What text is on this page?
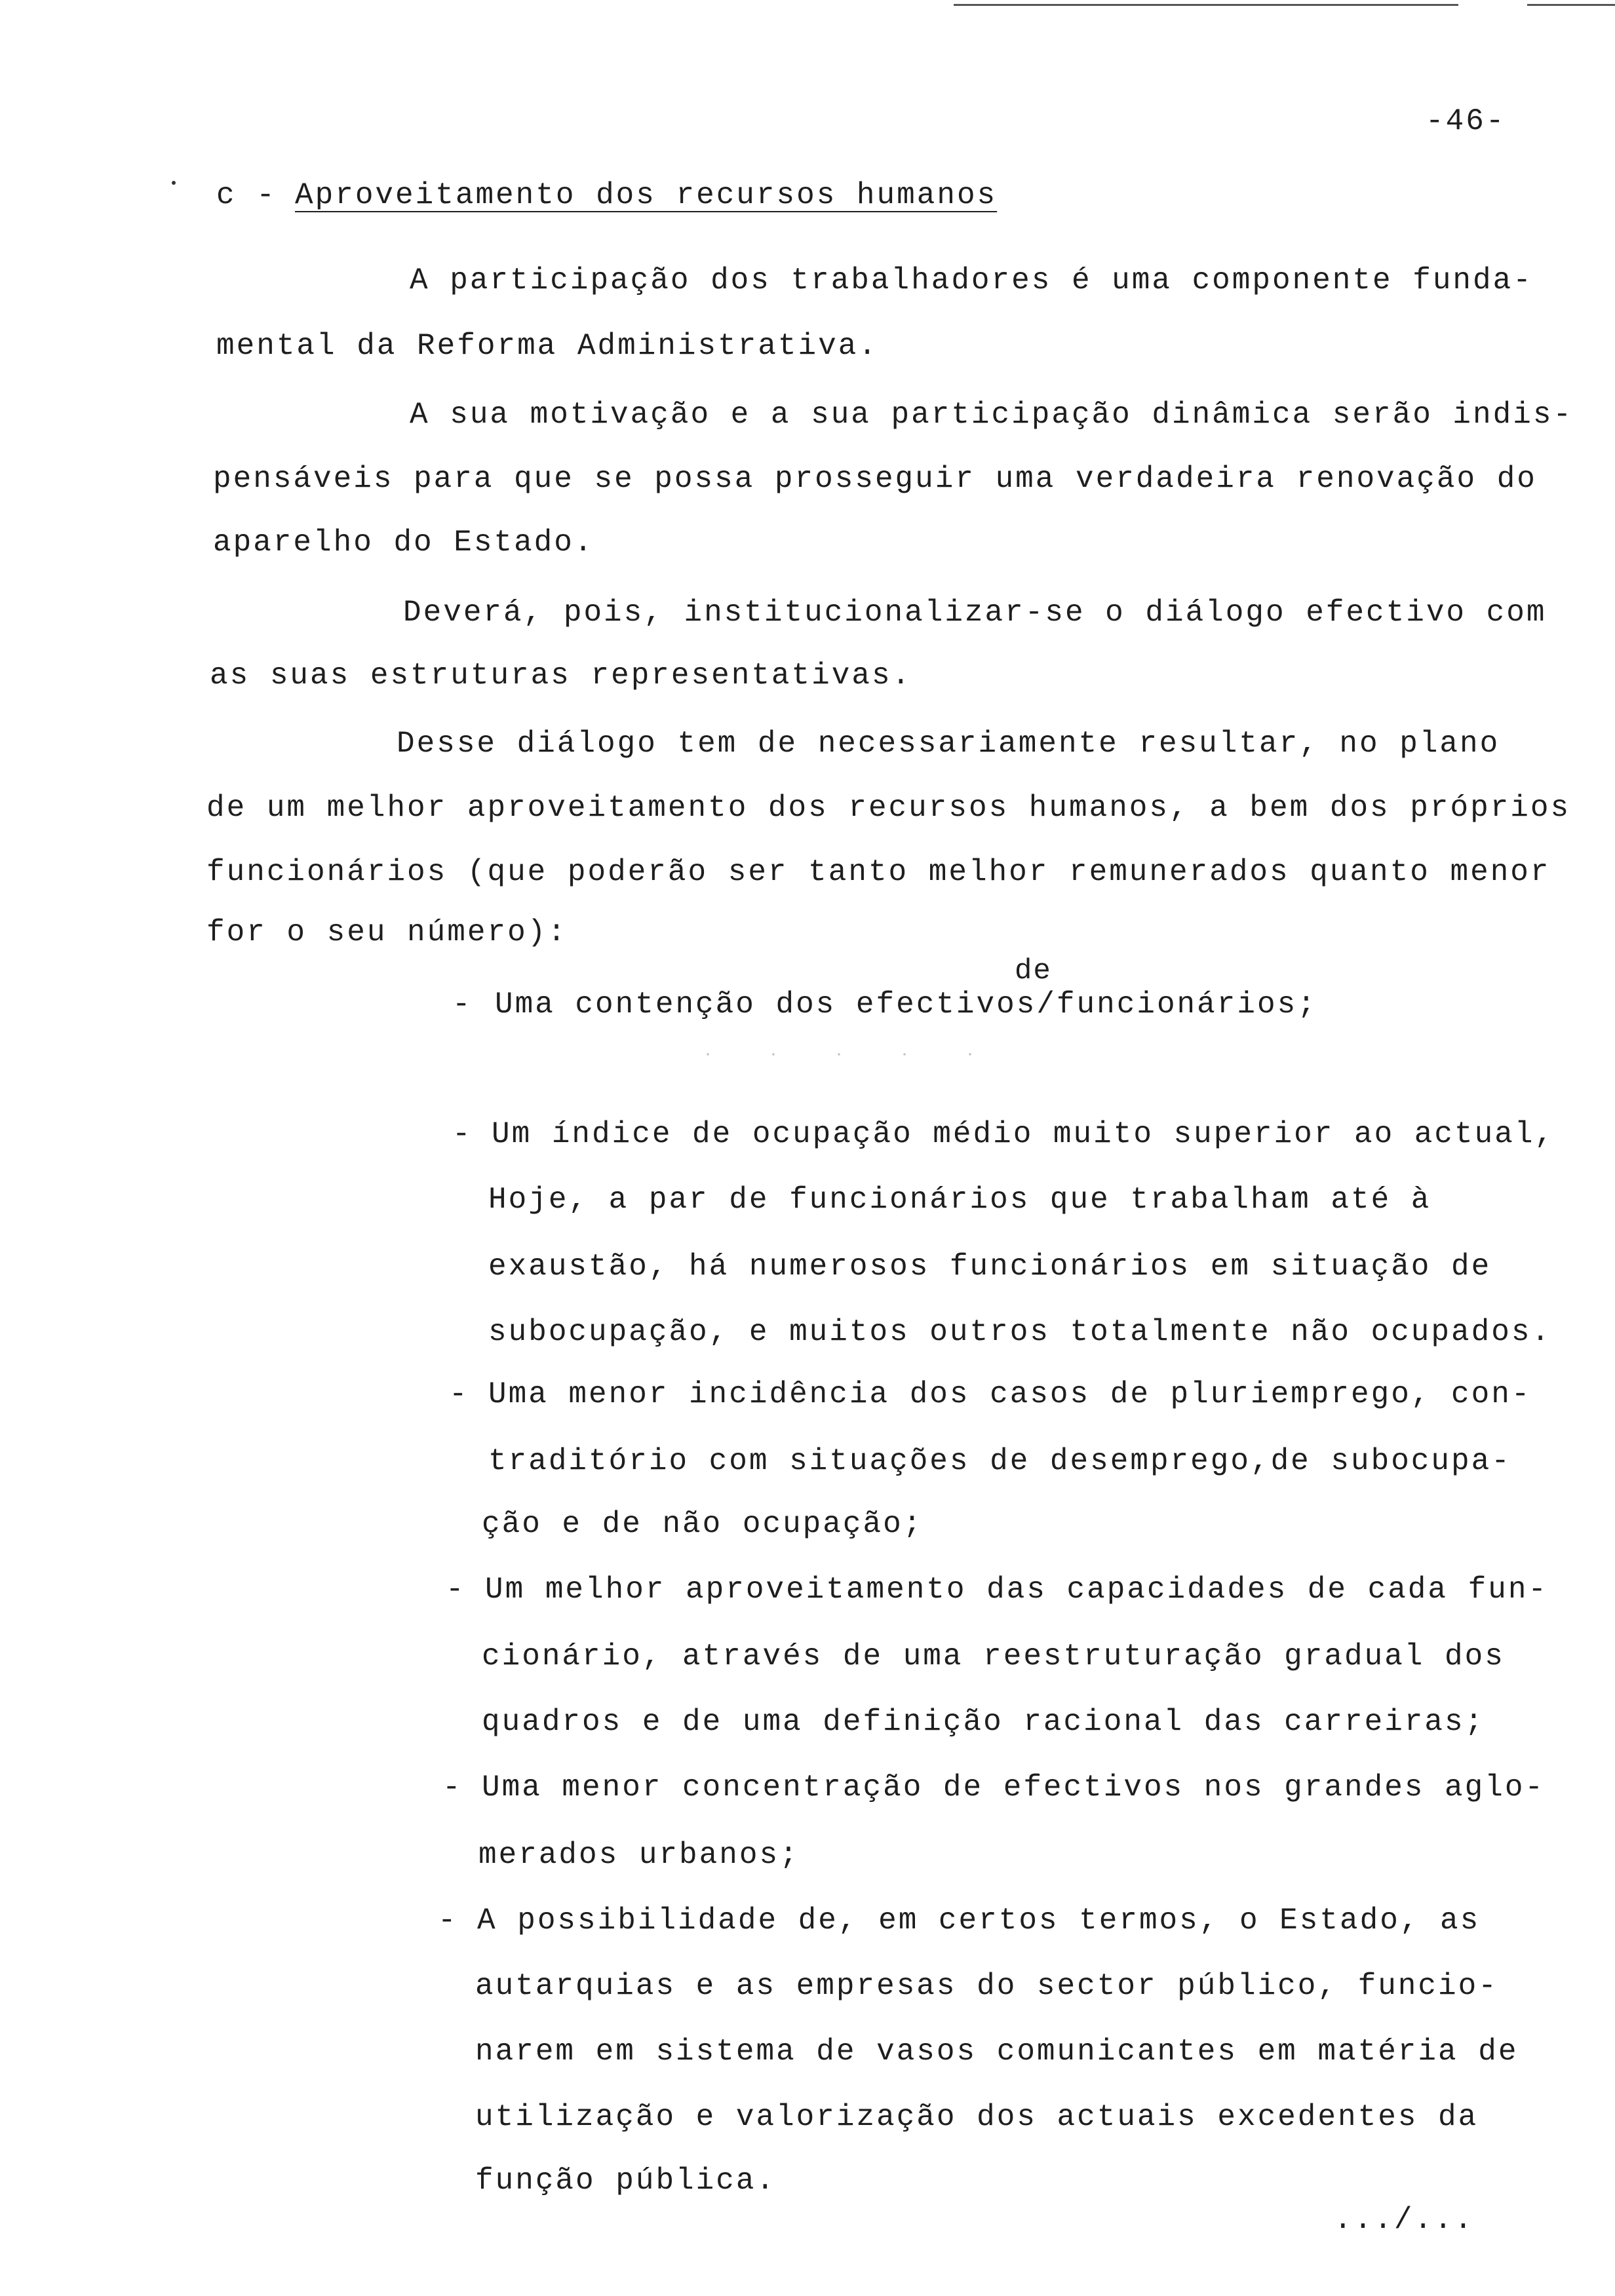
-46-
c - Aproveitamento dos recursos humanos
A participação dos trabalhadores é uma componente funda-
mental da Reforma Administrativa.
A sua motivação e a sua participação dinâmica serão indis-
pensáveis para que se possa prosseguir uma verdadeira renovação do
aparelho do Estado.
Deverá, pois, institucionalizar-se o diálogo efectivo com
as suas estruturas representativas.
Desse diálogo tem de necessariamente resultar, no plano
de um melhor aproveitamento dos recursos humanos, a bem dos próprios
funcionários (que poderão ser tanto melhor remunerados quanto menor
for o seu número):
de
- Uma contenção dos efectivos/funcionários;
- Um índice de ocupação médio muito superior ao actual,
Hoje, a par de funcionários que trabalham até à
exaustão, há numerosos funcionários em situação de
subocupação, e muitos outros totalmente não ocupados.
- Uma menor incidência dos casos de pluriemprego, con-
traditório com situações de desemprego,de subocupa-
ção e de não ocupação;
- Um melhor aproveitamento das capacidades de cada fun-
cionário, através de uma reestruturação gradual dos
quadros e de uma definição racional das carreiras;
- Uma menor concentração de efectivos nos grandes aglo-
merados urbanos;
- A possibilidade de, em certos termos, o Estado, as
autarquias e as empresas do sector público, funcio-
narem em sistema de vasos comunicantes em matéria de
utilização e valorização dos actuais excedentes da
função pública.
.../...
